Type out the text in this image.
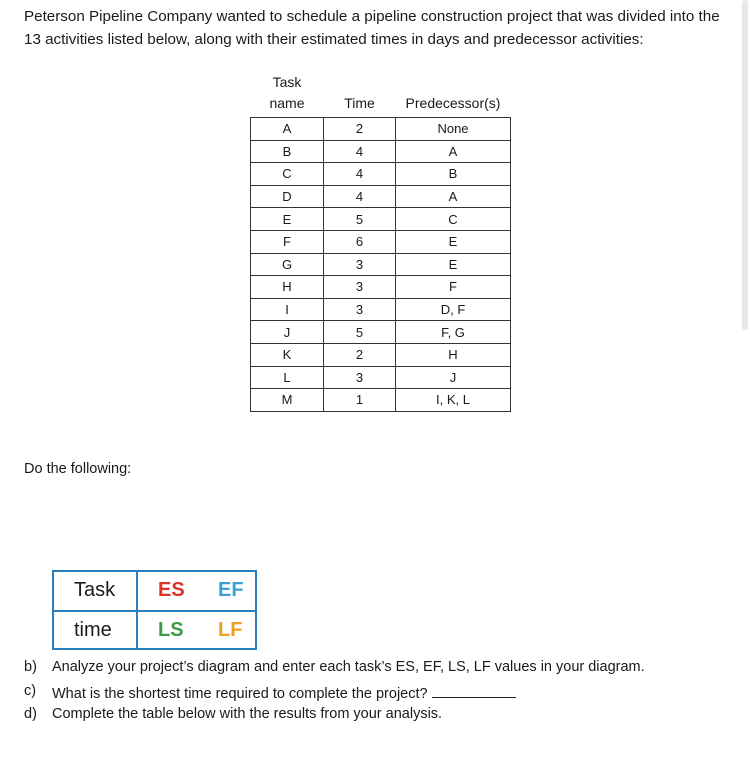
Peterson Pipeline Company wanted to schedule a pipeline construction project that was divided into the
13 activities listed below, along with their estimated times in days and predecessor activities:
Task
name	Time	Predecessor(s)
A	2	None
B	4	A
C	4	B
D	4	A
E	5	C
F	6	E
G	3	E
H	3	F
I	3	D, F
J	5	F, G
K	2	H
L	3	J
M	1	I, K, L
Do the following:
Task ES EF
time LS LF
b) Analyze your project’s diagram and enter each task’s ES, EF, LS, LF values in your diagram.
c) What is the shortest time required to complete the project?
d) Complete the table below with the results from your analysis.
